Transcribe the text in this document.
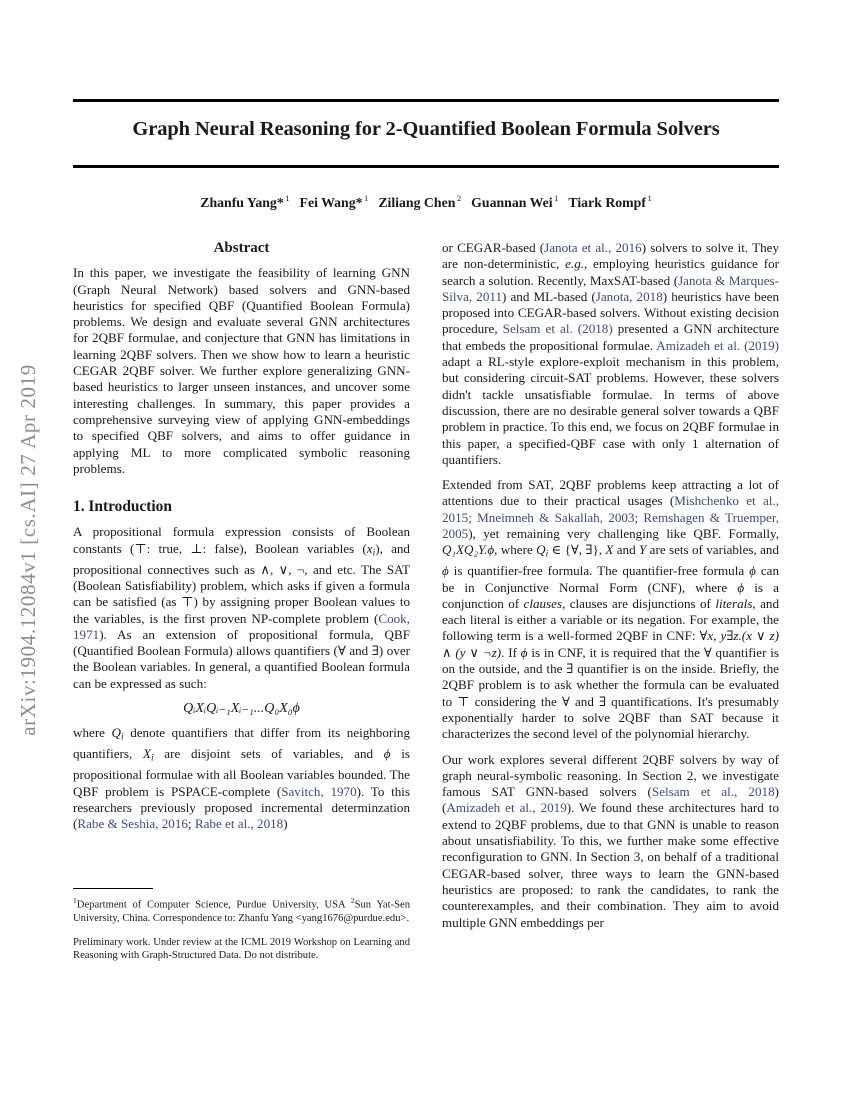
arXiv:1904.12084v1 [cs.AI] 27 Apr 2019
Graph Neural Reasoning for 2-Quantified Boolean Formula Solvers
Zhanfu Yang* $^1$ Fei Wang* $^1$ Ziliang Chen $^2$ Guannan Wei $^1$ Tiark Rompf $^1$
Abstract

In this paper, we investigate the feasibility of learning GNN (Graph Neural Network) based solvers and GNN-based heuristics for specified QBF (Quantified Boolean Formula) problems. We design and evaluate several GNN architectures for 2QBF formulae, and conjecture that GNN has limitations in learning 2QBF solvers. Then we show how to learn a heuristic CEGAR 2QBF solver. We further explore generalizing GNN-based heuristics to larger unseen instances, and uncover some interesting challenges. In summary, this paper provides a comprehensive surveying view of applying GNN-embeddings to specified QBF solvers, and aims to offer guidance in applying ML to more complicated symbolic reasoning problems.

1. Introduction

A propositional formula expression consists of Boolean constants (⊤: true, ⊥: false), Boolean variables $(x_i)$, and propositional connectives such as ∧, ∨, ¬, and etc. The SAT (Boolean Satisfiability) problem, which asks if given a formula can be satisfied (as ⊤) by assigning proper Boolean values to the variables, is the first proven NP-complete problem (Cook, 1971). As an extension of propositional formula, QBF (Quantified Boolean Formula) allows quantifiers (∀ and ∃) over the Boolean variables. In general, a quantified Boolean formula can be expressed as such:

QᵢXᵢQᵢ₋₁Xᵢ₋₁...Q₀X₀ϕ

where $Q_i$ denote quantifiers that differ from its neighboring quantifiers, $X_i$ are disjoint sets of variables, and ϕ is propositional formulae with all Boolean variables bounded. The QBF problem is PSPACE-complete (Savitch, 1970). To this researchers previously proposed incremental determinzation (Rabe & Seshia, 2016; Rabe et al., 2018)

or CEGAR-based (Janota et al., 2016) solvers to solve it. They are non-deterministic, e.g., employing heuristics guidance for search a solution. Recently, MaxSAT-based (Janota & Marques-Silva, 2011) and ML-based (Janota, 2018) heuristics have been proposed into CEGAR-based solvers. Without existing decision procedure, Selsam et al. (2018) presented a GNN architecture that embeds the propositional formulae. Amizadeh et al. (2019) adapt a RL-style explore-exploit mechanism in this problem, but considering circuit-SAT problems. However, these solvers didn't tackle unsatisfiable formulae. In terms of above discussion, there are no desirable general solver towards a QBF problem in practice. To this end, we focus on 2QBF formulae in this paper, a specified-QBF case with only 1 alternation of quantifiers.

Extended from SAT, 2QBF problems keep attracting a lot of attentions due to their practical usages (Mishchenko et al., 2015; Mneimneh & Sakallah, 2003; Remshagen & Truemper, 2005), yet remaining very challenging like QBF. Formally, Q₁XQ₂Y.ϕ, where $Q_i$ ∈ {∀, ∃}, X and Y are sets of variables, and ϕ is quantifier-free formula. The quantifier-free formula ϕ can be in Conjunctive Normal Form (CNF), where ϕ is a conjunction of clauses, clauses are disjunctions of literals, and each literal is either a variable or its negation. For example, the following term is a well-formed 2QBF in CNF: ∀x, y∃z.(x ∨ z) ∧ (y ∨ ¬z). If ϕ is in CNF, it is required that the ∀ quantifier is on the outside, and the ∃ quantifier is on the inside. Briefly, the 2QBF problem is to ask whether the formula can be evaluated to ⊤ considering the ∀ and ∃ quantifications. It's presumably exponentially harder to solve 2QBF than SAT because it characterizes the second level of the polynomial hierarchy.

Our work explores several different 2QBF solvers by way of graph neural-symbolic reasoning. In Section 2, we investigate famous SAT GNN-based solvers (Selsam et al., 2018)(Amizadeh et al., 2019). We found these architectures hard to extend to 2QBF problems, due to that GNN is unable to reason about unsatisfiability. To this, we further make some effective reconfiguration to GNN. In Section 3, on behalf of a traditional CEGAR-based solver, three ways to learn the GNN-based heuristics are proposed: to rank the candidates, to rank the counterexamples, and their combination. They aim to avoid multiple GNN embeddings per

$^1$Department of Computer Science, Purdue University, USA $^2$Sun Yat-Sen University, China. Correspondence to: Zhanfu Yang <yang1676@purdue.edu>.

Preliminary work. Under review at the ICML 2019 Workshop on Learning and Reasoning with Graph-Structured Data. Do not distribute.
